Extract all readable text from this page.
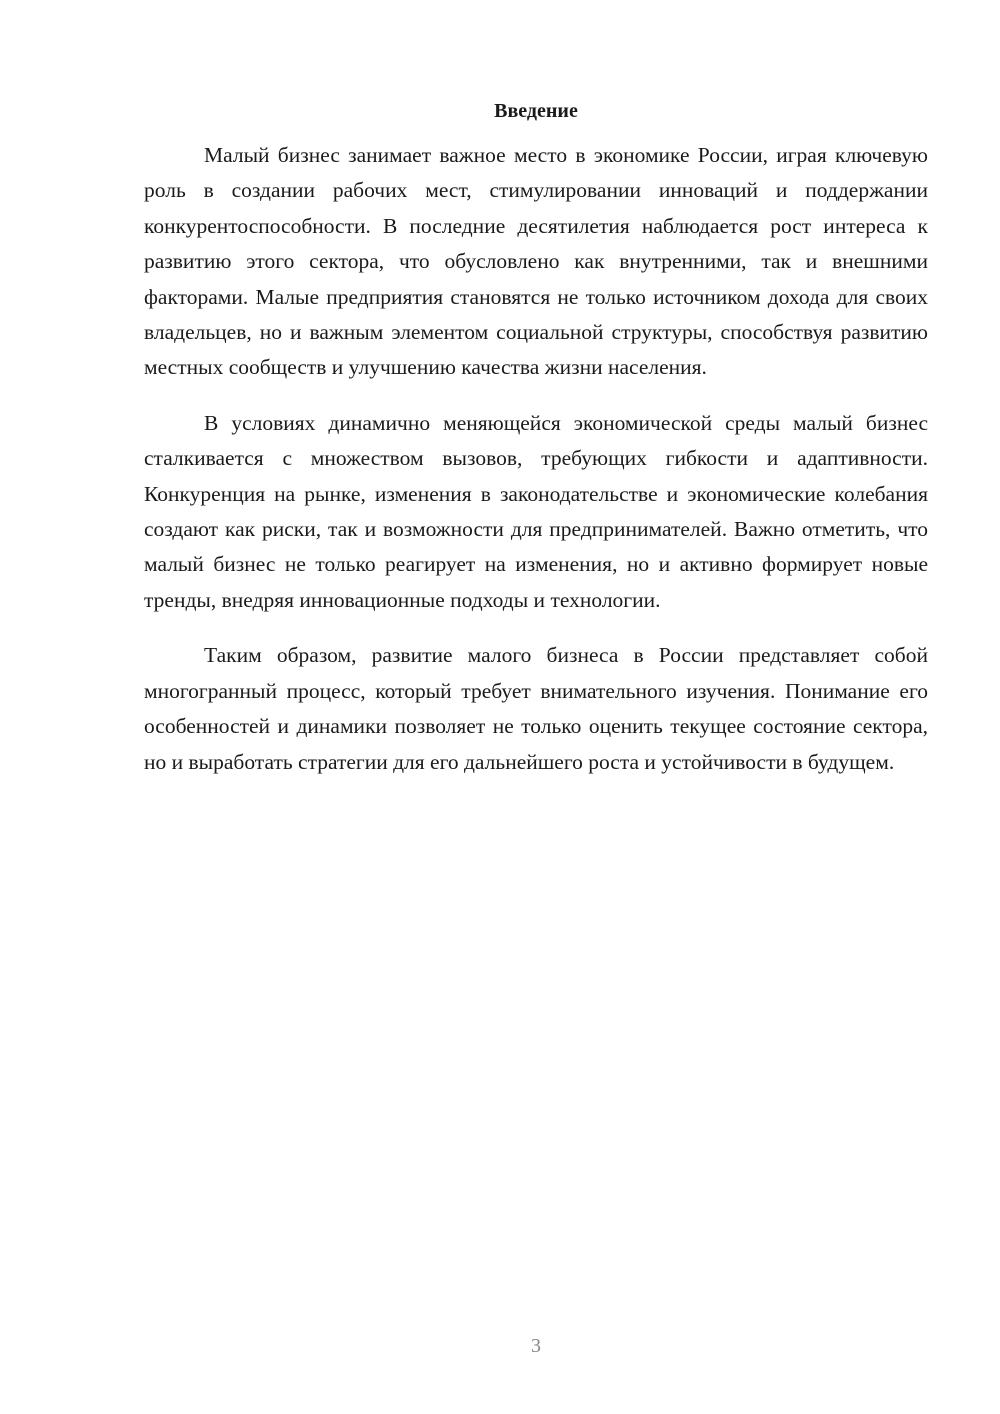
Введение

Малый бизнес занимает важное место в экономике России, играя ключевую роль в создании рабочих мест, стимулировании инноваций и поддержании конкурентоспособности. В последние десятилетия наблюдается рост интереса к развитию этого сектора, что обусловлено как внутренними, так и внешними факторами. Малые предприятия становятся не только источником дохода для своих владельцев, но и важным элементом социальной структуры, способствуя развитию местных сообществ и улучшению качества жизни населения.

В условиях динамично меняющейся экономической среды малый бизнес сталкивается с множеством вызовов, требующих гибкости и адаптивности. Конкуренция на рынке, изменения в законодательстве и экономические колебания создают как риски, так и возможности для предпринимателей. Важно отметить, что малый бизнес не только реагирует на изменения, но и активно формирует новые тренды, внедряя инновационные подходы и технологии.

Таким образом, развитие малого бизнеса в России представляет собой многогранный процесс, который требует внимательного изучения. Понимание его особенностей и динамики позволяет не только оценить текущее состояние сектора, но и выработать стратегии для его дальнейшего роста и устойчивости в будущем.

3
